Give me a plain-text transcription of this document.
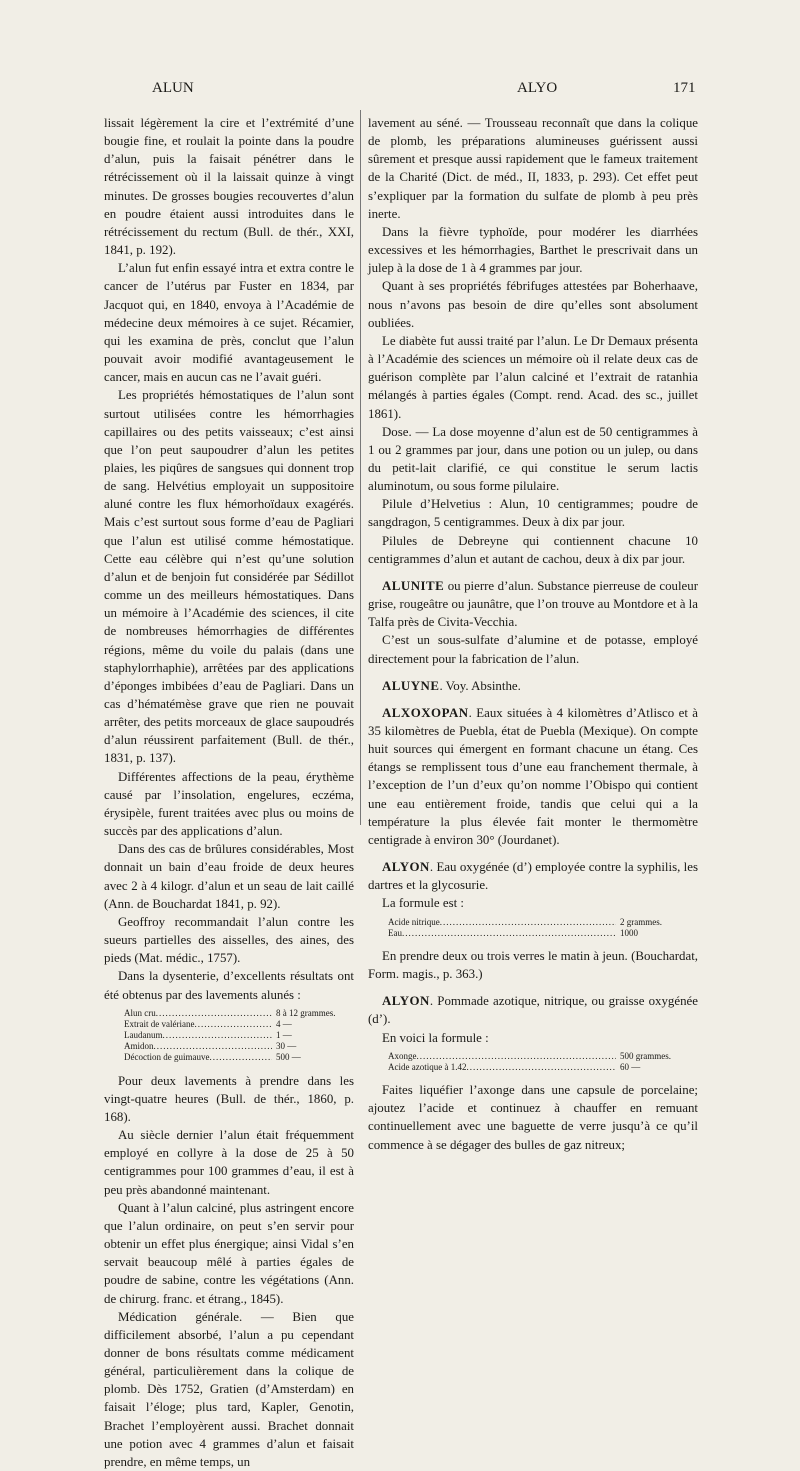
ALUN	ALYO	171

lissait légèrement la cire et l’extrémité d’une bougie fine, et roulait la pointe dans la poudre d’alun, puis la faisait pénétrer dans le rétrécissement où il la laissait quinze à vingt minutes. De grosses bougies recouvertes d’alun en poudre étaient aussi introduites dans le rétrécissement du rectum (Bull. de thér., XXI, 1841, p. 192).

L’alun fut enfin essayé intra et extra contre le cancer de l’utérus par Fuster en 1834, par Jacquot qui, en 1840, envoya à l’Académie de médecine deux mémoires à ce sujet. Récamier, qui les examina de près, conclut que l’alun pouvait avoir modifié avantageusement le cancer, mais en aucun cas ne l’avait guéri.

Les propriétés hémostatiques de l’alun sont surtout utilisées contre les hémorrhagies capillaires ou des petits vaisseaux; c’est ainsi que l’on peut saupoudrer d’alun les petites plaies, les piqûres de sangsues qui donnent trop de sang. Helvétius employait un suppositoire aluné contre les flux hémorhoïdaux exagérés. Mais c’est surtout sous forme d’eau de Pagliari que l’alun est utilisé comme hémostatique. Cette eau célèbre qui n’est qu’une solution d’alun et de benjoin fut considérée par Sédillot comme un des meilleurs hémostatiques. Dans un mémoire à l’Académie des sciences, il cite de nombreuses hémorrhagies de différentes régions, même du voile du palais (dans une staphylorrhaphie), arrêtées par des applications d’éponges imbibées d’eau de Pagliari. Dans un cas d’hématémèse grave que rien ne pouvait arrêter, des petits morceaux de glace saupoudrés d’alun réussirent parfaitement (Bull. de thér., 1831, p. 137).

Différentes affections de la peau, érythème causé par l’insolation, engelures, eczéma, érysipèle, furent traitées avec plus ou moins de succès par des applications d’alun.

Dans des cas de brûlures considérables, Most donnait un bain d’eau froide de deux heures avec 2 à 4 kilogr. d’alun et un seau de lait caillé (Ann. de Bouchardat 1841, p. 92).

Geoffroy recommandait l’alun contre les sueurs partielles des aisselles, des aines, des pieds (Mat. médic., 1757).

Dans la dysenterie, d’excellents résultats ont été obtenus par des lavements alunés :

Alun cru .....	8 à 12 grammes.
Extrait de valériane .....	4 —
Laudanum .....	1 —
Amidon .....	30 —
Décoction de guimauve .....	500 —

Pour deux lavements à prendre dans les vingt-quatre heures (Bull. de thér., 1860, p. 168).

Au siècle dernier l’alun était fréquemment employé en collyre à la dose de 25 à 50 centigrammes pour 100 grammes d’eau, il est à peu près abandonné maintenant.

Quant à l’alun calciné, plus astringent encore que l’alun ordinaire, on peut s’en servir pour obtenir un effet plus énergique; ainsi Vidal s’en servait beaucoup mêlé à parties égales de poudre de sabine, contre les végétations (Ann. de chirurg. franc. et étrang., 1845).

Médication générale. — Bien que difficilement absorbé, l’alun a pu cependant donner de bons résultats comme médicament général, particulièrement dans la colique de plomb. Dès 1752, Gratien (d’Amsterdam) en faisait l’éloge; plus tard, Kapler, Genotin, Brachet l’employèrent aussi. Brachet donnait une potion avec 4 grammes d’alun et faisait prendre, en même temps, un

lavement au séné. — Trousseau reconnaît que dans la colique de plomb, les préparations alumineuses guérissent aussi sûrement et presque aussi rapidement que le fameux traitement de la Charité (Dict. de méd., II, 1833, p. 293). Cet effet peut s’expliquer par la formation du sulfate de plomb à peu près inerte.

Dans la fièvre typhoïde, pour modérer les diarrhées excessives et les hémorrhagies, Barthet le prescrivait dans un julep à la dose de 1 à 4 grammes par jour.

Quant à ses propriétés fébrifuges attestées par Boherhaave, nous n’avons pas besoin de dire qu’elles sont absolument oubliées.

Le diabète fut aussi traité par l’alun. Le Dr Demaux présenta à l’Académie des sciences un mémoire où il relate deux cas de guérison complète par l’alun calciné et l’extrait de ratanhia mélangés à parties égales (Compt. rend. Acad. des sc., juillet 1861).

Dose. — La dose moyenne d’alun est de 50 centigrammes à 1 ou 2 grammes par jour, dans une potion ou un julep, ou dans du petit-lait clarifié, ce qui constitue le serum lactis aluminotum, ou sous forme pilulaire.

Pilule d’Helvetius : Alun, 10 centigrammes; poudre de sangdragon, 5 centigrammes. Deux à dix par jour.

Pilules de Debreyne qui contiennent chacune 10 centigrammes d’alun et autant de cachou, deux à dix par jour.

ALUNITE ou pierre d’alun. Substance pierreuse de couleur grise, rougeâtre ou jaunâtre, que l’on trouve au Montdore et à la Talfa près de Civita-Vecchia.

C’est un sous-sulfate d’alumine et de potasse, employé directement pour la fabrication de l’alun.

ALUYNE. Voy. Absinthe.

ALXOXOPAN. Eaux situées à 4 kilomètres d’Atlisco et à 35 kilomètres de Puebla, état de Puebla (Mexique). On compte huit sources qui émergent en formant chacune un étang. Ces étangs se remplissent tous d’une eau franchement thermale, à l’exception de l’un d’eux qu’on nomme l’Obispo qui contient une eau entièrement froide, tandis que celui qui a la température la plus élevée fait monter le thermomètre centigrade à environ 30° (Jourdanet).

ALYON. Eau oxygénée (d’) employée contre la syphilis, les dartres et la glycosurie.

La formule est :

Acide nitrique .....	2 grammes.
Eau .....	1000

En prendre deux ou trois verres le matin à jeun. (Bouchardat, Form. magis., p. 363.)

ALYON. Pommade azotique, nitrique, ou graisse oxygénée (d’).

En voici la formule :

Axonge .....	500 grammes.
Acide azotique à 1.42 .....	60 —

Faites liquéfier l’axonge dans une capsule de porcelaine; ajoutez l’acide et continuez à chauffer en remuant continuellement avec une baguette de verre jusqu’à ce qu’il commence à se dégager des bulles de gaz nitreux;
